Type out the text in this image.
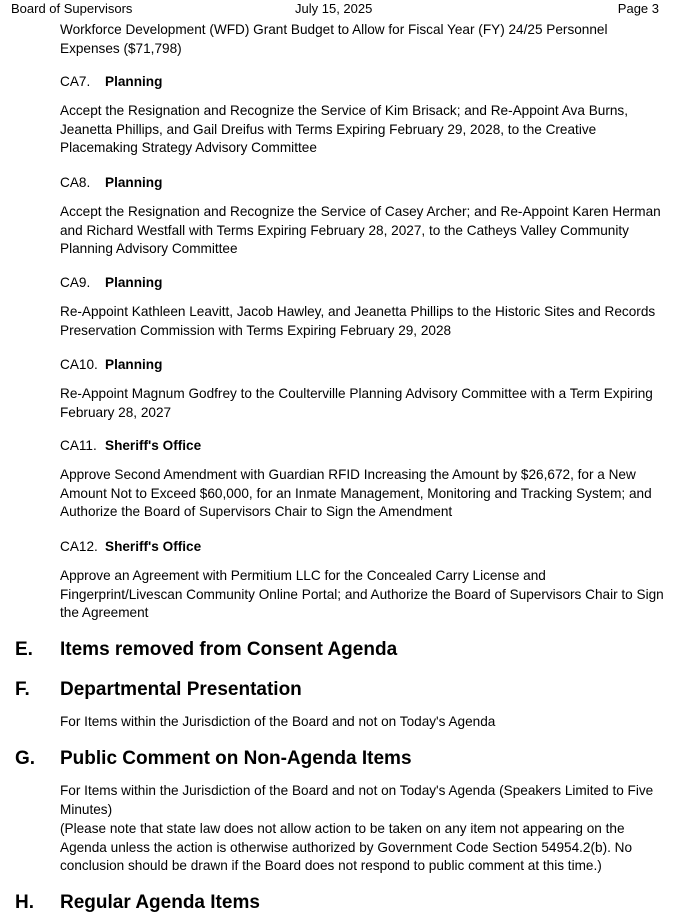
Board of Supervisors	July 15, 2025	Page 3
Workforce Development (WFD) Grant Budget to Allow for Fiscal Year (FY) 24/25 Personnel Expenses ($71,798)
CA7. Planning
Accept the Resignation and Recognize the Service of Kim Brisack; and Re-Appoint Ava Burns, Jeanetta Phillips, and Gail Dreifus with Terms Expiring February 29, 2028, to the Creative Placemaking Strategy Advisory Committee
CA8. Planning
Accept the Resignation and Recognize the Service of Casey Archer; and Re-Appoint Karen Herman and Richard Westfall with Terms Expiring February 28, 2027, to the Catheys Valley Community Planning Advisory Committee
CA9. Planning
Re-Appoint Kathleen Leavitt, Jacob Hawley, and Jeanetta Phillips to the Historic Sites and Records Preservation Commission with Terms Expiring February 29, 2028
CA10. Planning
Re-Appoint Magnum Godfrey to the Coulterville Planning Advisory Committee with a Term Expiring February 28, 2027
CA11. Sheriff's Office
Approve Second Amendment with Guardian RFID Increasing the Amount by $26,672, for a New Amount Not to Exceed $60,000, for an Inmate Management, Monitoring and Tracking System; and Authorize the Board of Supervisors Chair to Sign the Amendment
CA12. Sheriff's Office
Approve an Agreement with Permitium LLC for the Concealed Carry License and Fingerprint/Livescan Community Online Portal; and Authorize the Board of Supervisors Chair to Sign the Agreement
E. Items removed from Consent Agenda
F. Departmental Presentation
For Items within the Jurisdiction of the Board and not on Today's Agenda
G. Public Comment on Non-Agenda Items
For Items within the Jurisdiction of the Board and not on Today's Agenda (Speakers Limited to Five Minutes)
(Please note that state law does not allow action to be taken on any item not appearing on the Agenda unless the action is otherwise authorized by Government Code Section 54954.2(b). No conclusion should be drawn if the Board does not respond to public comment at this time.)
H. Regular Agenda Items
